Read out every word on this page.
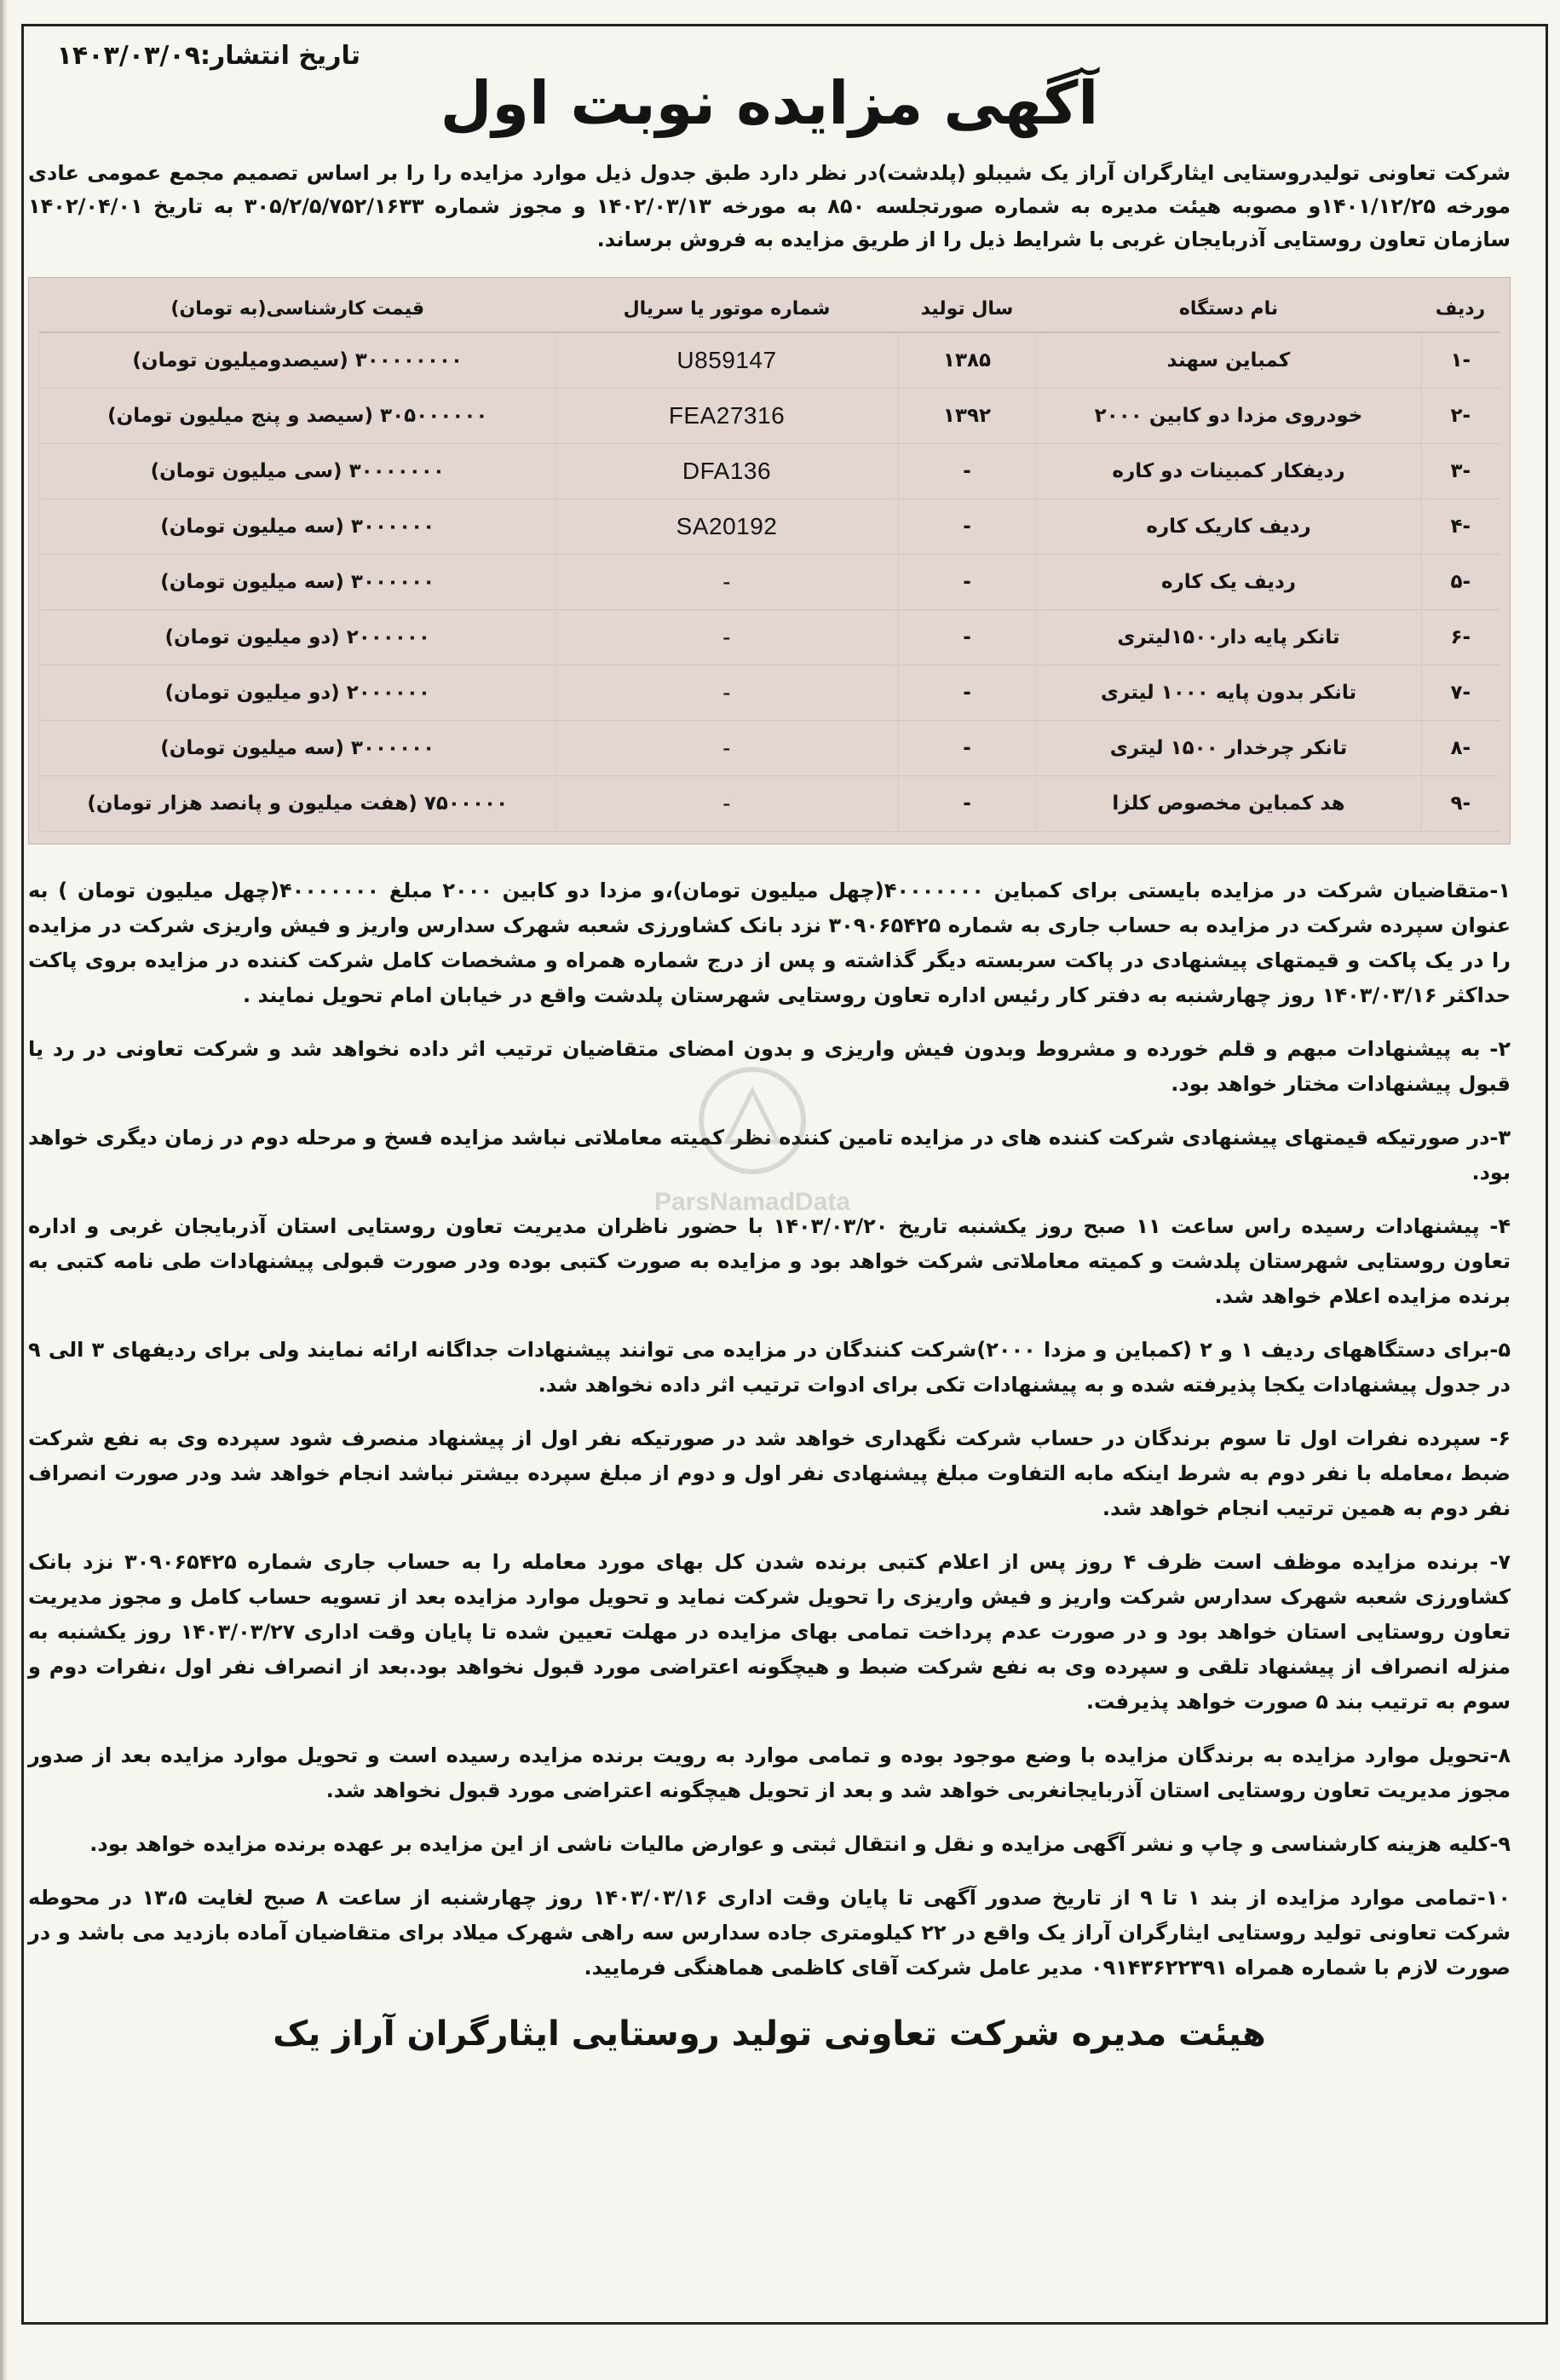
تاریخ انتشار:۱۴۰۳/۰۳/۰۹
آگهی مزایده نوبت اول
شرکت تعاونی تولیدروستایی ایثارگران آراز یک شیبلو (پلدشت)در نظر دارد طبق جدول ذیل موارد مزایده را را بر اساس تصمیم مجمع عمومی عادی مورخه ۱۴۰۱/۱۲/۲۵و مصوبه هیئت مدیره به شماره صورتجلسه ۸۵۰ به مورخه ۱۴۰۲/۰۳/۱۳ و مجوز شماره ۳۰۵/۲/۵/۷۵۲/۱۶۳۳ به تاریخ ۱۴۰۲/۰۴/۰۱ سازمان تعاون روستایی آذربایجان غربی با شرایط ذیل را از طریق مزایده به فروش برساند.
ردیف	نام دستگاه	سال تولید	شماره موتور یا سریال	قیمت کارشناسی(به تومان)
-۱	کمباین سهند	۱۳۸۵	U859147	۳۰۰۰۰۰۰۰۰ (سیصدومیلیون تومان)
-۲	خودروی مزدا دو کابین ۲۰۰۰	۱۳۹۲	FEA27316	۳۰۵۰۰۰۰۰۰ (سیصد و پنج میلیون تومان)
-۳	ردیفکار کمبینات دو کاره	-	DFA136	۳۰۰۰۰۰۰۰ (سی میلیون تومان)
-۴	ردیف کاریک کاره	-	SA20192	۳۰۰۰۰۰۰ (سه میلیون تومان)
-۵	ردیف یک کاره	-	-	۳۰۰۰۰۰۰ (سه میلیون تومان)
-۶	تانکر پایه دار۱۵۰۰لیتری	-	-	۲۰۰۰۰۰۰ (دو میلیون تومان)
-۷	تانکر بدون پایه ۱۰۰۰ لیتری	-	-	۲۰۰۰۰۰۰ (دو میلیون تومان)
-۸	تانکر چرخدار ۱۵۰۰ لیتری	-	-	۳۰۰۰۰۰۰ (سه میلیون تومان)
-۹	هد کمباین مخصوص کلزا	-	-	۷۵۰۰۰۰۰ (هفت میلیون و پانصد هزار تومان)
۱-متقاضیان شرکت در مزایده بایستی برای کمباین ۴۰۰۰۰۰۰۰(چهل میلیون تومان)،و مزدا دو کابین ۲۰۰۰ مبلغ ۴۰۰۰۰۰۰۰(چهل میلیون تومان ) به عنوان سپرده شرکت در مزایده به حساب جاری به شماره ۳۰۹۰۶۵۴۲۵ نزد بانک کشاورزی شعبه شهرک سدارس واریز و فیش واریزی شرکت در مزایده را در یک پاکت و قیمتهای پیشنهادی در پاکت سربسته دیگر گذاشته و پس از درج شماره همراه و مشخصات کامل شرکت کننده در مزایده بروی پاکت حداکثر ۱۴۰۳/۰۳/۱۶ روز چهارشنبه به دفتر کار رئیس اداره تعاون روستایی شهرستان پلدشت واقع در خیابان امام تحویل نمایند .
۲- به پیشنهادات مبهم و قلم خورده و مشروط وبدون فیش واریزی و بدون امضای متقاضیان ترتیب اثر داده نخواهد شد و شرکت تعاونی در رد یا قبول پیشنهادات مختار خواهد بود.
۳-در صورتیکه قیمتهای پیشنهادی شرکت کننده های در مزایده تامین کننده نظر کمیته معاملاتی نباشد مزایده فسخ و مرحله دوم در زمان دیگری خواهد بود.
۴- پیشنهادات رسیده راس ساعت ۱۱ صبح روز یکشنبه تاریخ ۱۴۰۳/۰۳/۲۰ با حضور ناظران مدیریت تعاون روستایی استان آذربایجان غربی و اداره تعاون روستایی شهرستان پلدشت و کمیته معاملاتی شرکت خواهد بود و مزایده به صورت کتبی بوده ودر صورت قبولی پیشنهادات طی نامه کتبی به برنده مزایده اعلام خواهد شد.
۵-برای دستگاههای ردیف ۱ و ۲ (کمباین و مزدا ۲۰۰۰)شرکت کنندگان در مزایده می توانند پیشنهادات جداگانه ارائه نمایند ولی برای ردیفهای ۳ الی ۹ در جدول پیشنهادات یکجا پذیرفته شده و به پیشنهادات تکی برای ادوات ترتیب اثر داده نخواهد شد.
۶- سپرده نفرات اول تا سوم برندگان در حساب شرکت نگهداری خواهد شد در صورتیکه نفر اول از پیشنهاد منصرف شود سپرده وی به نفع شرکت ضبط ،معامله با نفر دوم به شرط اینکه مابه التفاوت مبلغ پیشنهادی نفر اول و دوم از مبلغ سپرده بیشتر نباشد انجام خواهد شد ودر صورت انصراف نفر دوم به همین ترتیب انجام خواهد شد.
۷- برنده مزایده موظف است ظرف ۴ روز پس از اعلام کتبی برنده شدن کل بهای مورد معامله را به حساب جاری شماره ۳۰۹۰۶۵۴۲۵ نزد بانک کشاورزی شعبه شهرک سدارس شرکت واریز و فیش واریزی را تحویل شرکت نماید و تحویل موارد مزایده بعد از تسویه حساب کامل و مجوز مدیریت تعاون روستایی استان خواهد بود و در صورت عدم پرداخت تمامی بهای مزایده در مهلت تعیین شده تا پایان وقت اداری ۱۴۰۳/۰۳/۲۷ روز یکشنبه به منزله انصراف از پیشنهاد تلقی و سپرده وی به نفع شرکت ضبط و هیچگونه اعتراضی مورد قبول نخواهد بود.بعد از انصراف نفر اول ،نفرات دوم و سوم به ترتیب بند ۵ صورت خواهد پذیرفت.
۸-تحویل موارد مزایده به برندگان مزایده با وضع موجود بوده و تمامی موارد به رویت برنده مزایده رسیده است و تحویل موارد مزایده بعد از صدور مجوز مدیریت تعاون روستایی استان آذربایجانغربی خواهد شد و بعد از تحویل هیچگونه اعتراضی مورد قبول نخواهد شد.
۹-کلیه هزینه کارشناسی و چاپ و نشر آگهی مزایده و نقل و انتقال ثبتی و عوارض مالیات ناشی از این مزایده بر عهده برنده مزایده خواهد بود.
۱۰-تمامی موارد مزایده از بند ۱ تا ۹ از تاریخ صدور آگهی تا پایان وقت اداری ۱۴۰۳/۰۳/۱۶ روز چهارشنبه از ساعت ۸ صبح لغایت ۱۳،۵ در محوطه شرکت تعاونی تولید روستایی ایثارگران آراز یک واقع در ۲۲ کیلومتری جاده سدارس سه راهی شهرک میلاد برای متقاضیان آماده بازدید می باشد و در صورت لازم با شماره همراه ۰۹۱۴۳۶۲۲۳۹۱ مدیر عامل شرکت آقای کاظمی هماهنگی فرمایید.
هیئت مدیره شرکت تعاونی تولید روستایی ایثارگران آراز یک
ParsNamadData
